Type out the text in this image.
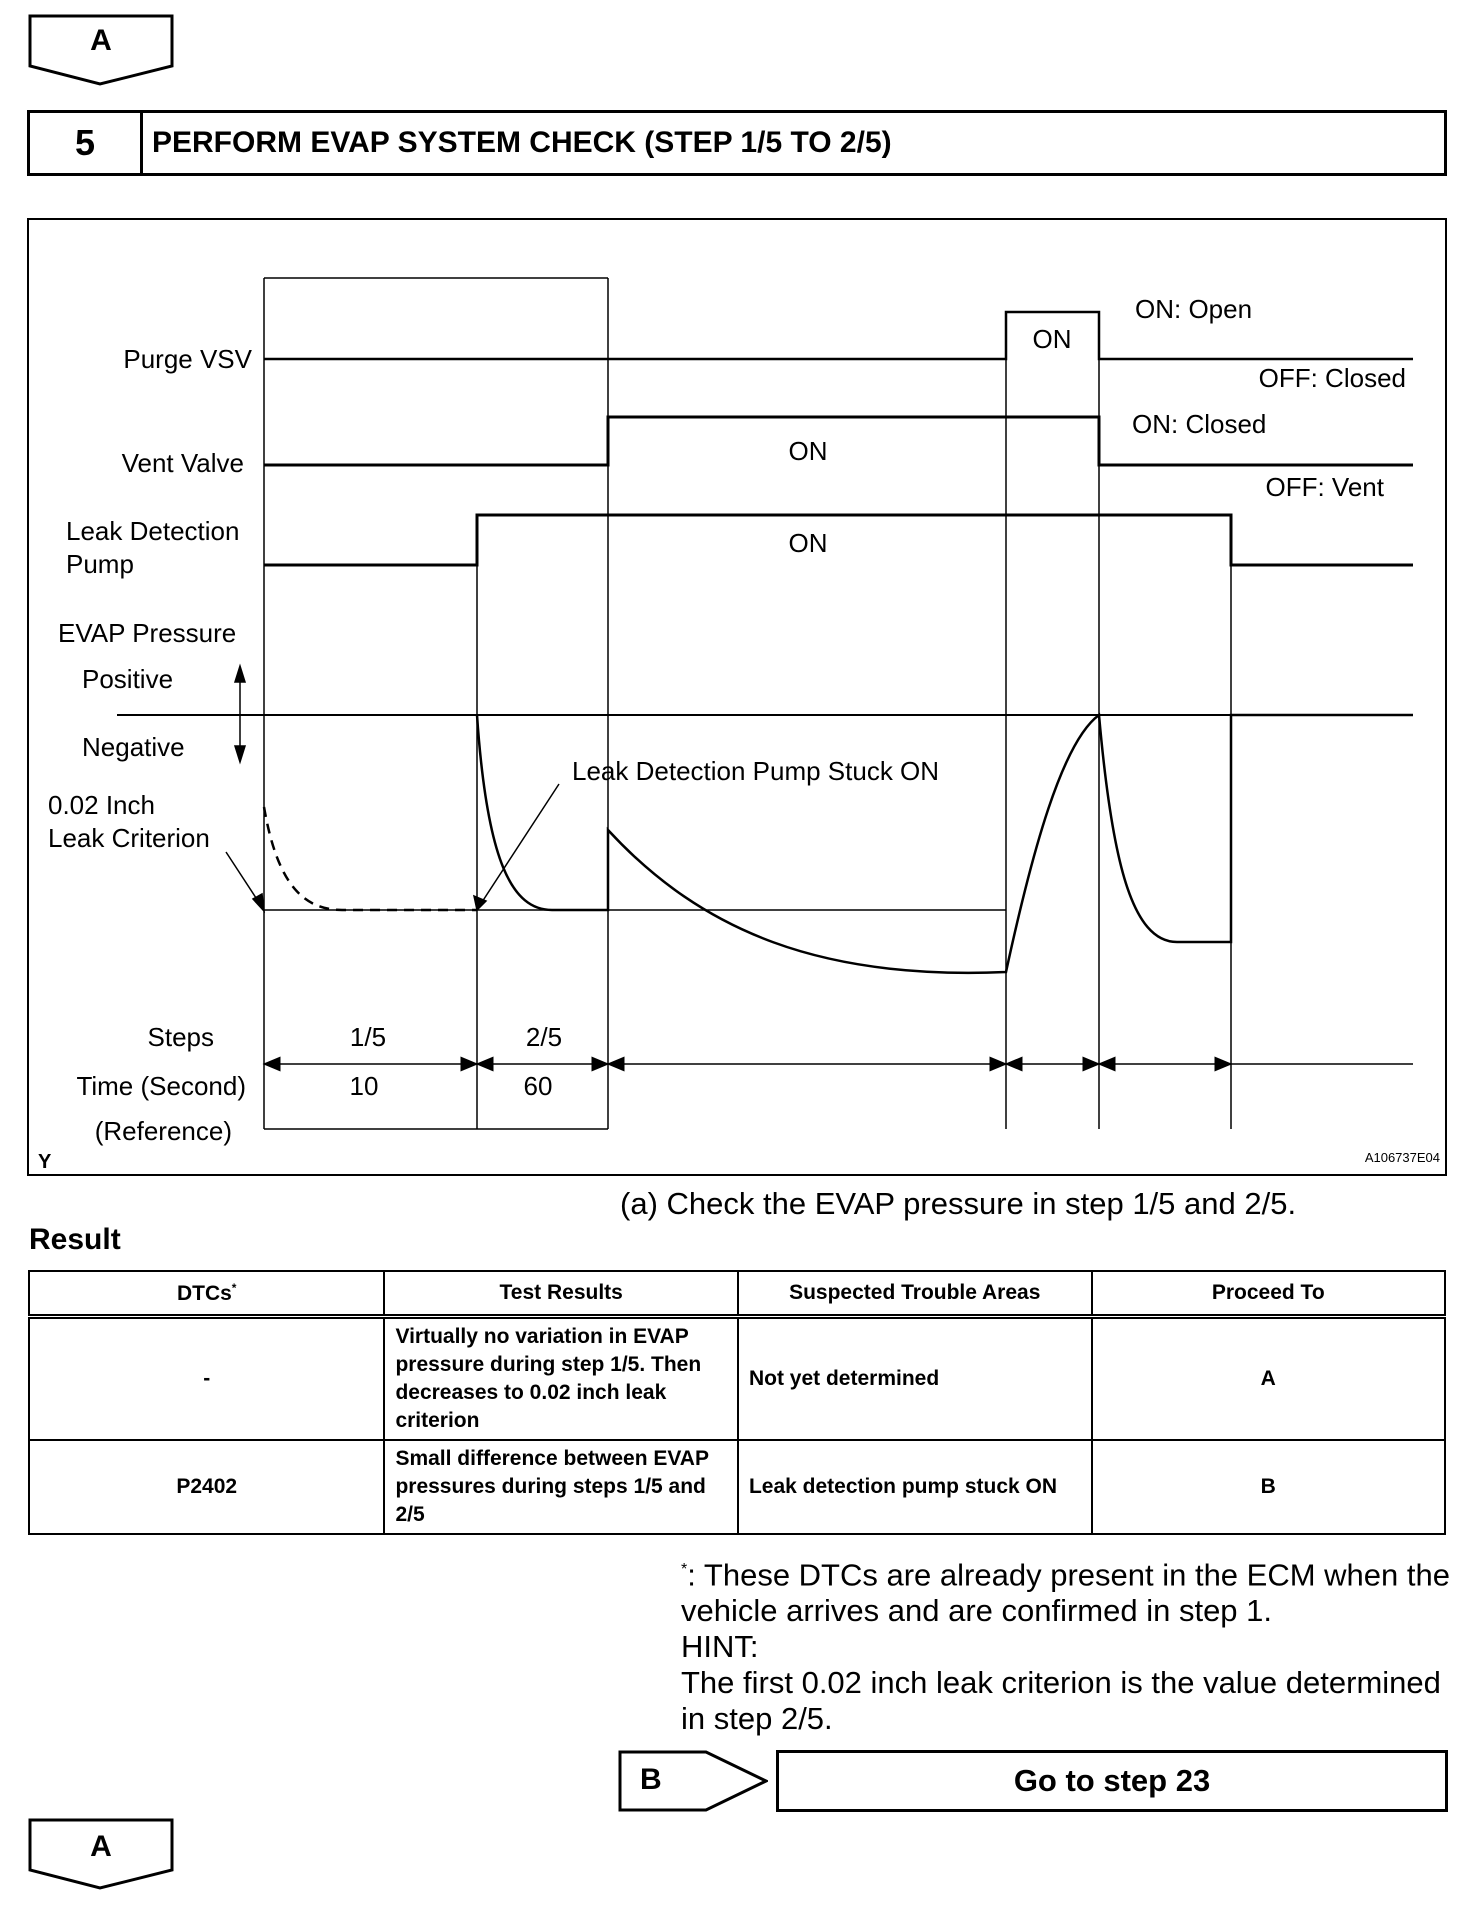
A
5	PERFORM EVAP SYSTEM CHECK (STEP 1/5 TO 2/5)
Purge VSV
Vent Valve
Leak Detection
Pump
EVAP Pressure
Positive
Negative
0.02 Inch
Leak Criterion
Steps
Time (Second)
(Reference)
1/5
10
2/5
60
ON
ON: Open
OFF: Closed
ON
ON: Closed
OFF: Vent
ON
Leak Detection Pump Stuck ON
Y	A106737E04
(a) Check the EVAP pressure in step 1/5 and 2/5.
Result
DTCs*	Test Results	Suspected Trouble Areas	Proceed To
-	Virtually no variation in EVAP pressure during step 1/5. Then decreases to 0.02 inch leak criterion	Not yet determined	A
P2402	Small difference between EVAP pressures during steps 1/5 and 2/5	Leak detection pump stuck ON	B
*: These DTCs are already present in the ECM when the vehicle arrives and are confirmed in step 1.
HINT:
The first 0.02 inch leak criterion is the value determined in step 2/5.
B	Go to step 23
A
